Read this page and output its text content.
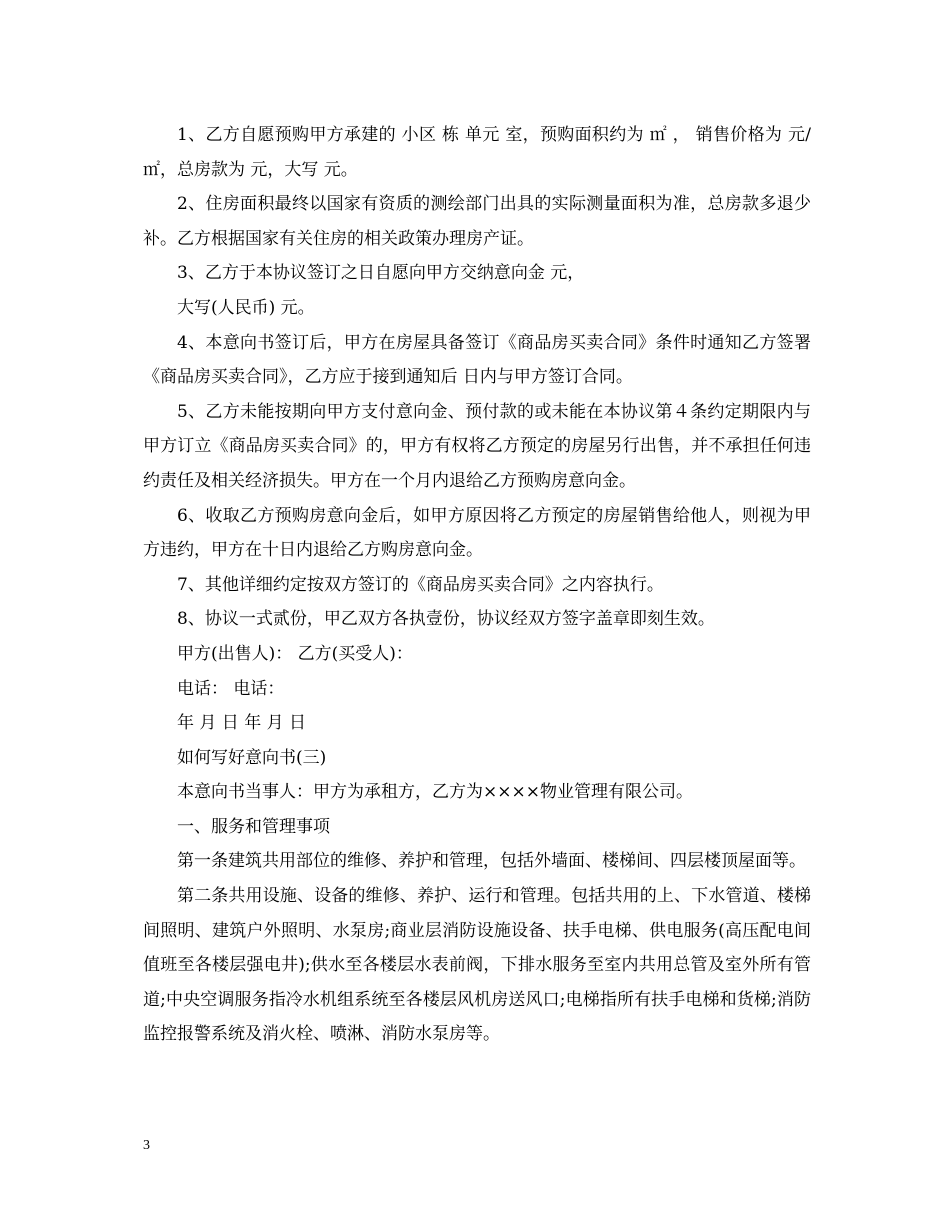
1、乙方自愿预购甲方承建的 小区 栋 单元 室，预购面积约为 ㎡ ， 销售价格为 元/㎡，总房款为 元，大写 元。

2、住房面积最终以国家有资质的测绘部门出具的实际测量面积为准，总房款多退少补。乙方根据国家有关住房的相关政策办理房产证。

3、乙方于本协议签订之日自愿向甲方交纳意向金 元，

大写(人民币) 元。

4、本意向书签订后，甲方在房屋具备签订《商品房买卖合同》条件时通知乙方签署《商品房买卖合同》，乙方应于接到通知后 日内与甲方签订合同。

5、乙方未能按期向甲方支付意向金、预付款的或未能在本协议第４条约定期限内与甲方订立《商品房买卖合同》的，甲方有权将乙方预定的房屋另行出售，并不承担任何违约责任及相关经济损失。甲方在一个月内退给乙方预购房意向金。

6、收取乙方预购房意向金后，如甲方原因将乙方预定的房屋销售给他人，则视为甲方违约，甲方在十日内退给乙方购房意向金。

7、其他详细约定按双方签订的《商品房买卖合同》之内容执行。

8、协议一式贰份，甲乙双方各执壹份，协议经双方签字盖章即刻生效。

甲方(出售人)： 乙方(买受人)：

电话： 电话：

年 月 日 年 月 日

如何写好意向书(三)

本意向书当事人：甲方为承租方，乙方为××××物业管理有限公司。

一、服务和管理事项

第一条建筑共用部位的维修、养护和管理，包括外墙面、楼梯间、四层楼顶屋面等。

第二条共用设施、设备的维修、养护、运行和管理。包括共用的上、下水管道、楼梯间照明、建筑户外照明、水泵房;商业层消防设施设备、扶手电梯、供电服务(高压配电间值班至各楼层强电井);供水至各楼层水表前阀，下排水服务至室内共用总管及室外所有管道;中央空调服务指冷水机组系统至各楼层风机房送风口;电梯指所有扶手电梯和货梯;消防监控报警系统及消火栓、喷淋、消防水泵房等。

3
